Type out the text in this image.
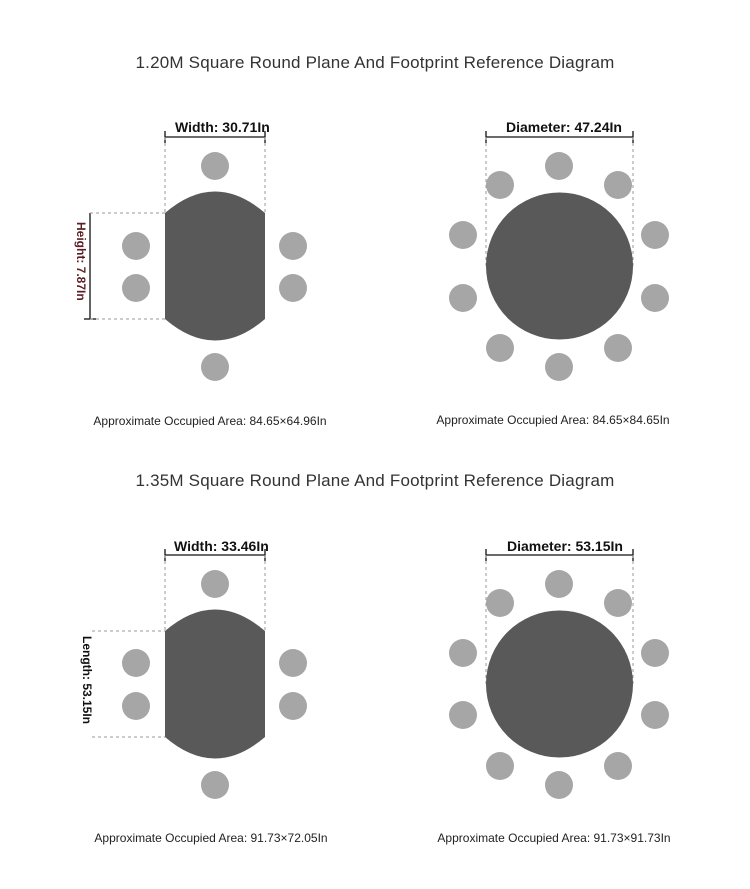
1.20M Square Round Plane And Footprint Reference Diagram
Width: 30.71In
Height: 7.87In
Diameter: 47.24In
Approximate Occupied Area: 84.65×64.96In	Approximate Occupied Area: 84.65×84.65In
1.35M Square Round Plane And Footprint Reference Diagram
Width: 33.46In
Length: 53.15In
Diameter: 53.15In
Approximate Occupied Area: 91.73×72.05In	Approximate Occupied Area: 91.73×91.73In
